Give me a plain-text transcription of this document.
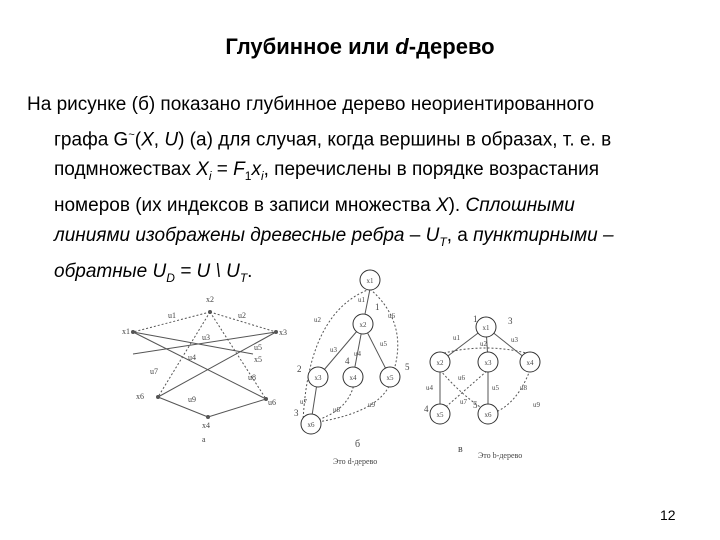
Глубинное или d-дерево
На рисунке (б) показано глубинное дерево неориентированного
графа G~(X, U) (а) для случая, когда вершины в образах, т. е. в
подмножествах $X_i = F_1x_i$, перечислены в порядке возрастания
номеров (их индексов в записи множества X). Сплошными
линиями изображены древесные ребра – $U_T$, а пунктирными –
обратные $U_D = U$ \ $U_T$.
x2
u1	u2
x1	x3
u3
u4
u5
x5
x6
u7
u8
x4
u9	u6
а
x1
x2
x3	x4	x5
x6
1
2
3
4
5
u1
u2
u3 u4
u5
u6
u7
u8
u9
б
Это d-дерево
x1
x2	x3	x4
x5	x6
1	3
4	5
u1
u2	u3
u4	u5
u6
u7
u8
u9
в
Это b-дерево
12
